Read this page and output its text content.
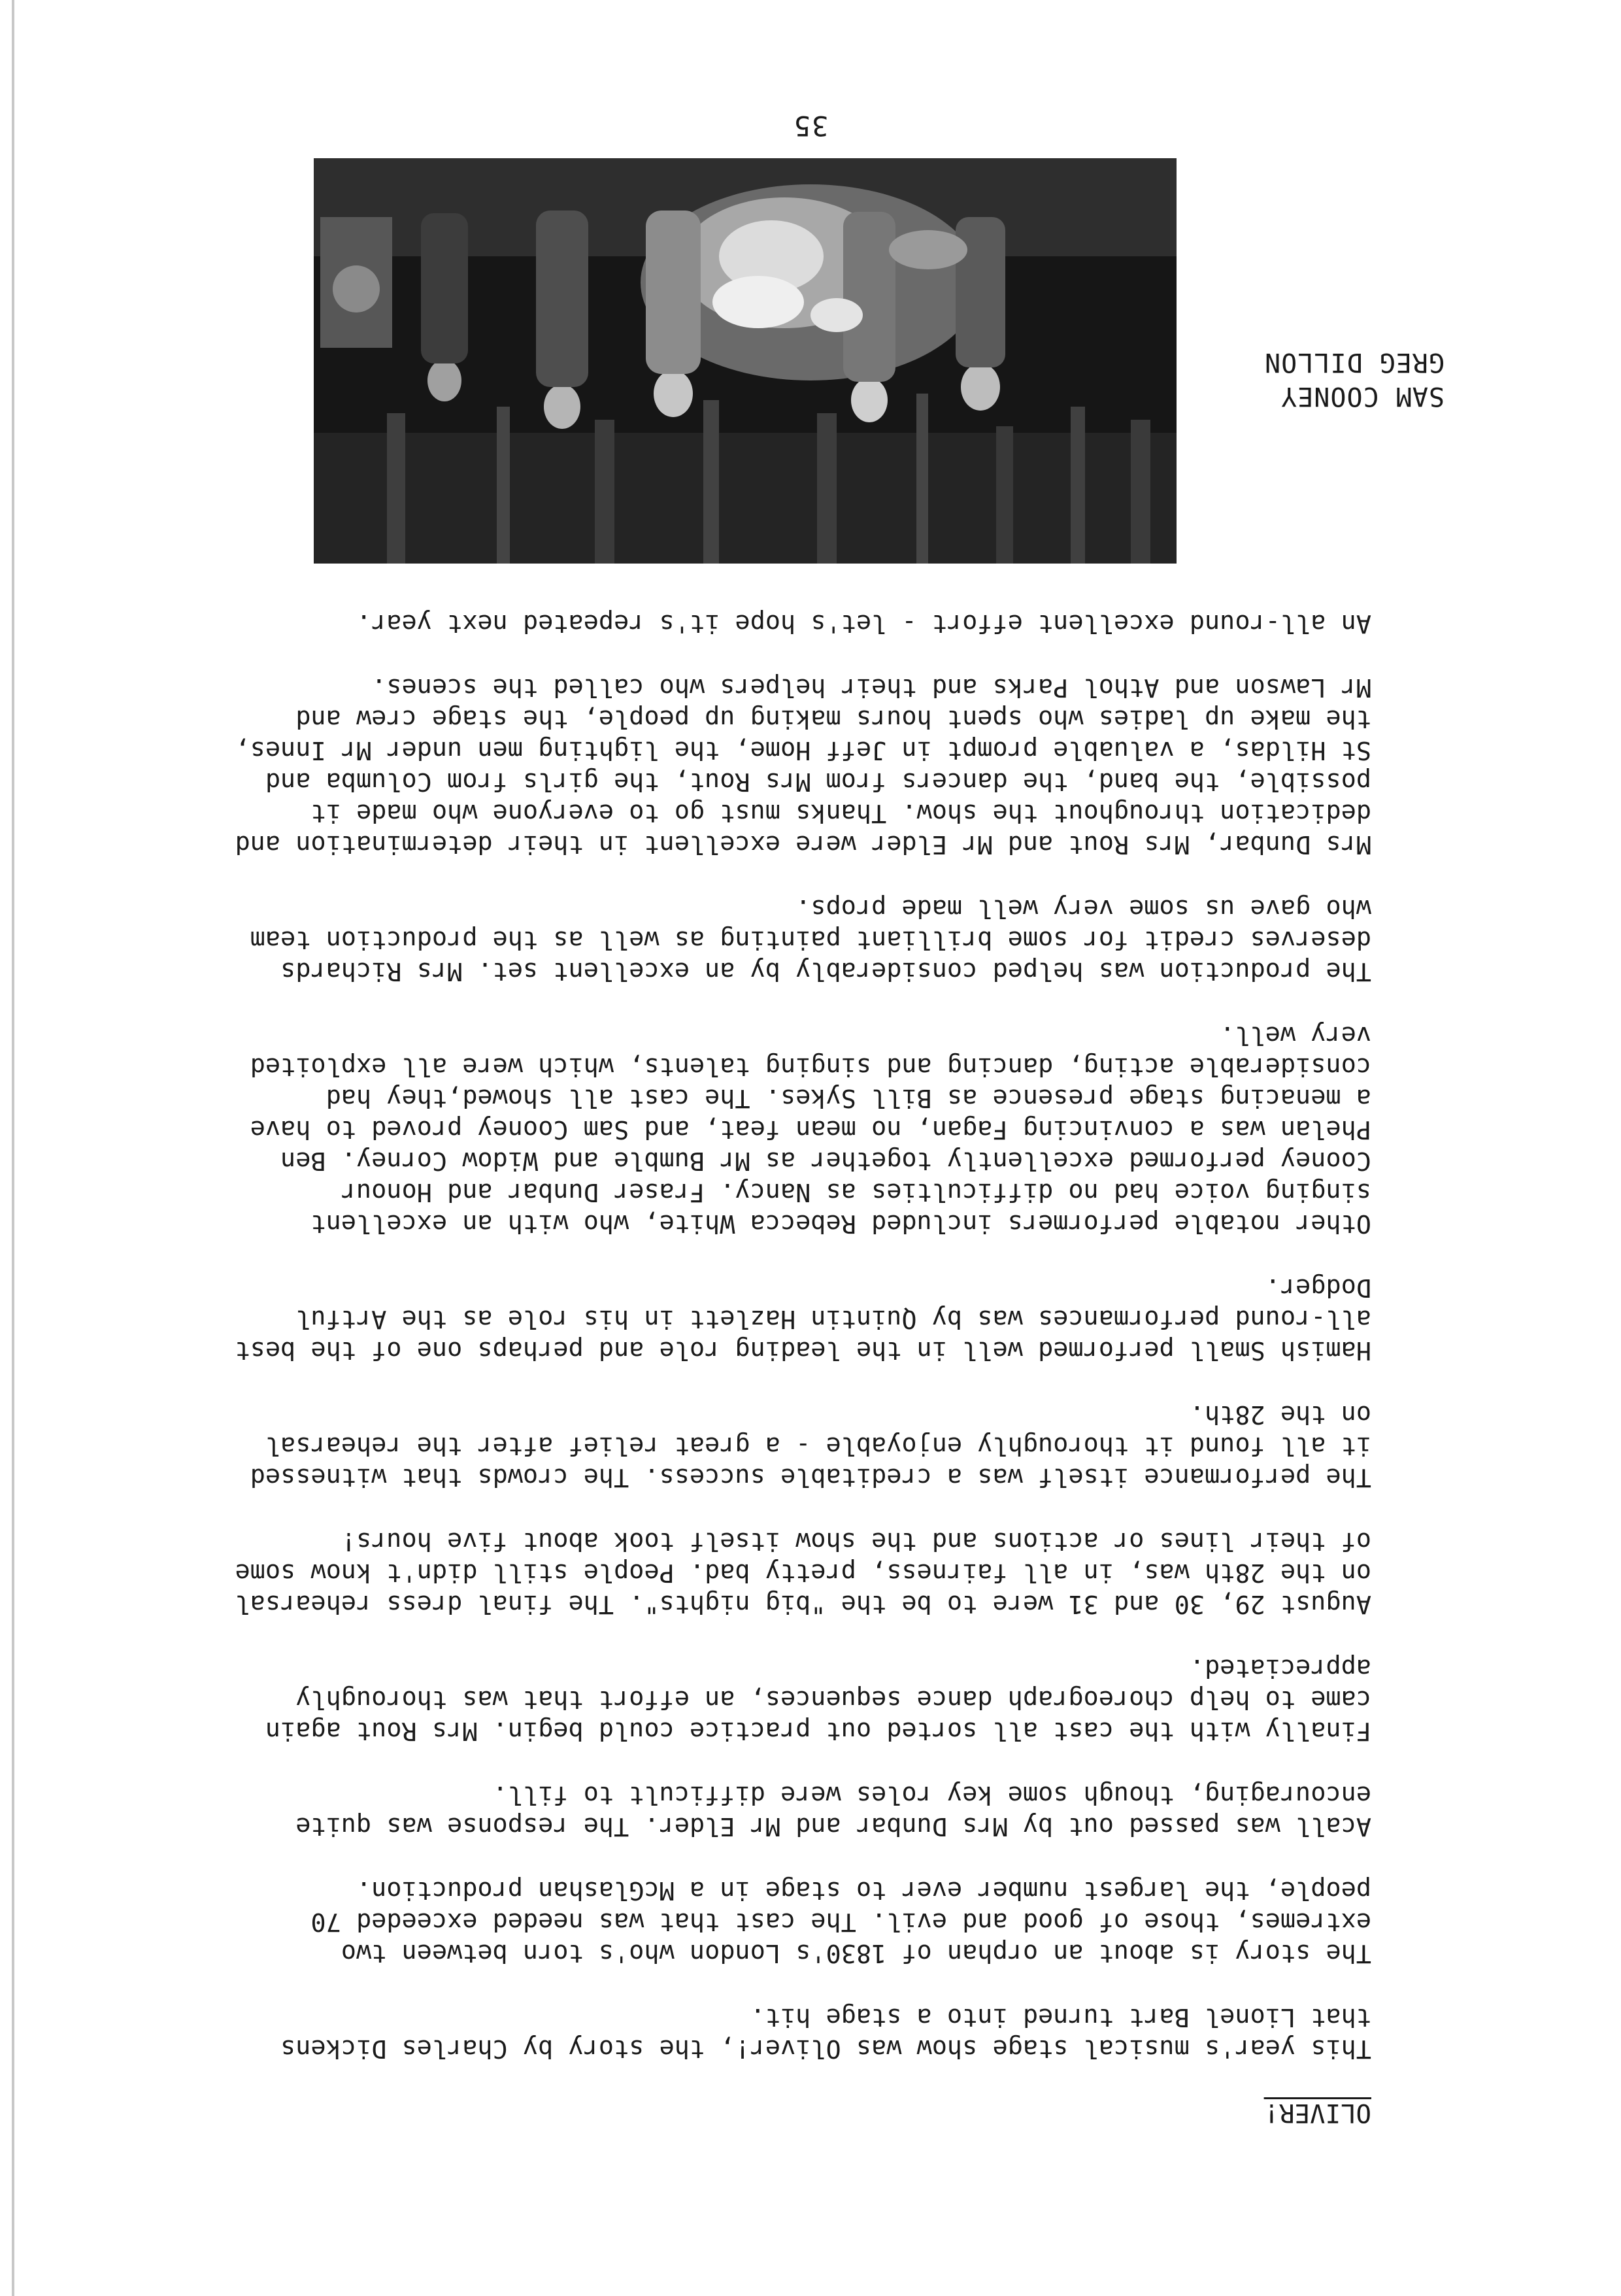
OLIVER!
This year's musical stage show was Oliver!, the story by Charles Dickens
that Lionel Bart turned into a stage hit.
The story is about an orphan of 1830's London who's torn between two
extremes, those of good and evil. The cast that was needed exceeded 70
people, the largest number ever to stage in a McGlashan production.
Acall was passed out by Mrs Dunbar and Mr Elder. The response was quite
encouraging, though some key roles were difficult to fill.
Finally with the cast all sorted out practice could begin. Mrs Rout again
came to help choreograph dance sequences, an effort that was thoroughly
appreciated.
August 29, 30 and 31 were to be the "big nights". The final dress rehearsal
on the 28th was, in all fairness, pretty bad. People still didn't know some
of their lines or actions and the show itself took about five hours!
The performance itself was a creditable success. The crowds that witnessed
it all found it thoroughly enjoyable - a great relief after the rehearsal
on the 28th.
Hamish Small performed well in the leading role and perhaps one of the best
all-round performances was by Quintin Hazlett in his role as the Artful
Dodger.
Other notable performers included Rebecca White, who with an excellent
singing voice had no difficulties as Nancy. Fraser Dunbar and Honour
Cooney performed excellently together as Mr Bumble and Widow Corney. Ben
Phelan was a convincing Fagan, no mean feat, and Sam Cooney proved to have
a menacing stage presence as Bill Sykes. The cast all showed,they had
considerable acting, dancing and singing talents, which were all exploited
very well.
The production was helped considerably by an excellent set. Mrs Richards
deserves credit for some brilliant painting as well as the production team
who gave us some very well made props.
Mrs Dunbar, Mrs Rout and Mr Elder were excellent in their determination and
dedication throughout the show. Thanks must go to everyone who made it
possible, the band, the dancers from Mrs Rout, the girls from Columba and
St Hildas, a valuable prompt in Jeff Home, the lighting men under Mr Innes,
the make up ladies who spent hours making up people, the stage crew and
Mr Lawson and Athol Parks and their helpers who called the scenes.
An all-round excellent effort - let's hope it's repeated next year.
SAM COONEY
GREG DILLON
35
